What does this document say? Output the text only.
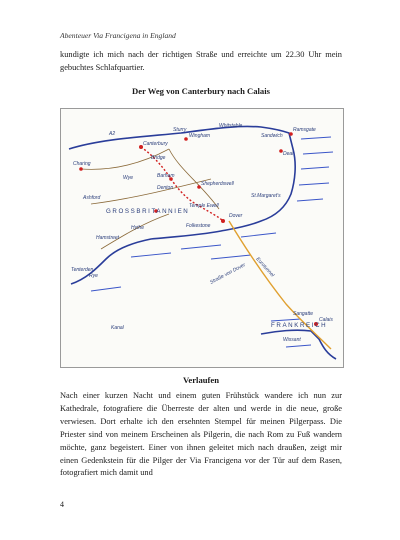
Abenteuer Via Francigena in England

kundigte ich mich nach der richtigen Straße und erreichte um 22.30 Uhr mein gebuchtes Schlafquartier.

Der Weg von Canterbury nach Calais
Canterbury
Wingham	Sandwich
Deal
Dover
Folkestone
Hythe
Ashford
Charing
Wye	Barham
Denton
Shepherdswell
Temple Ewell
St.Margaret's
Sturry
Bridge
Whitstable
Ramsgate
GROSSBRITANNIEN
Hamstreet
Tenterden
Rye	Straße von Dover Eurotunnel
FRANKREICH
Calais
Sangatte
Wissant
Kanal
A2
Verlaufen

Nach einer kurzen Nacht und einem guten Frühstück wandere ich nun zur Kathedrale, fotografiere die Überreste der alten und werde in die neue, große verwiesen. Dort erhalte ich den ersehnten Stempel für meinen Pilgerpass. Die Priester sind von meinem Erscheinen als Pilgerin, die nach Rom zu Fuß wandern möchte, ganz begeistert. Einer von ihnen geleitet mich nach draußen, zeigt mir einen Gedenkstein für die Pilger der Via Francigena vor der Tür auf dem Rasen, fotografiert mich damit und

4
